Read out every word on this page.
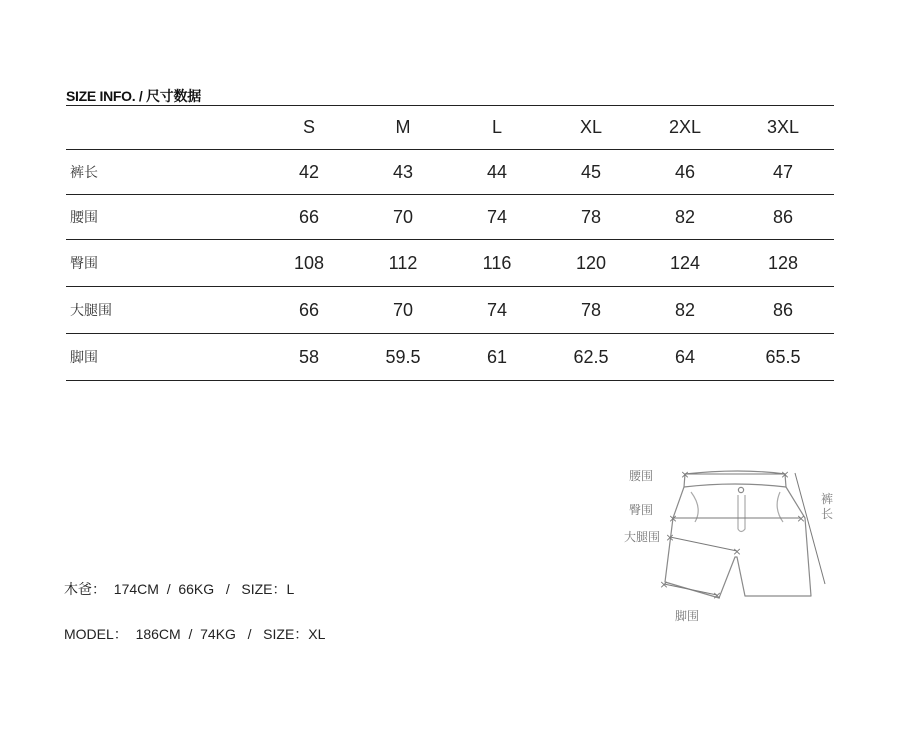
SIZE INFO. / 尺寸数据
	S	M	L	XL	2XL	3XL
裤长	42	43	44	45	46	47
腰围	66	70	74	78	82	86
臀围	108	112	116	120	124	128
大腿围	66	70	74	78	82	86
脚围	58	59.5	61	62.5	64	65.5
木爸：  174CM  /  66KG   /   SIZE：L
MODEL：  186CM  /  74KG   /   SIZE：XL
×	×
×	×
×
×
×
×
腰围
臀围
大腿围
脚围
裤
长
